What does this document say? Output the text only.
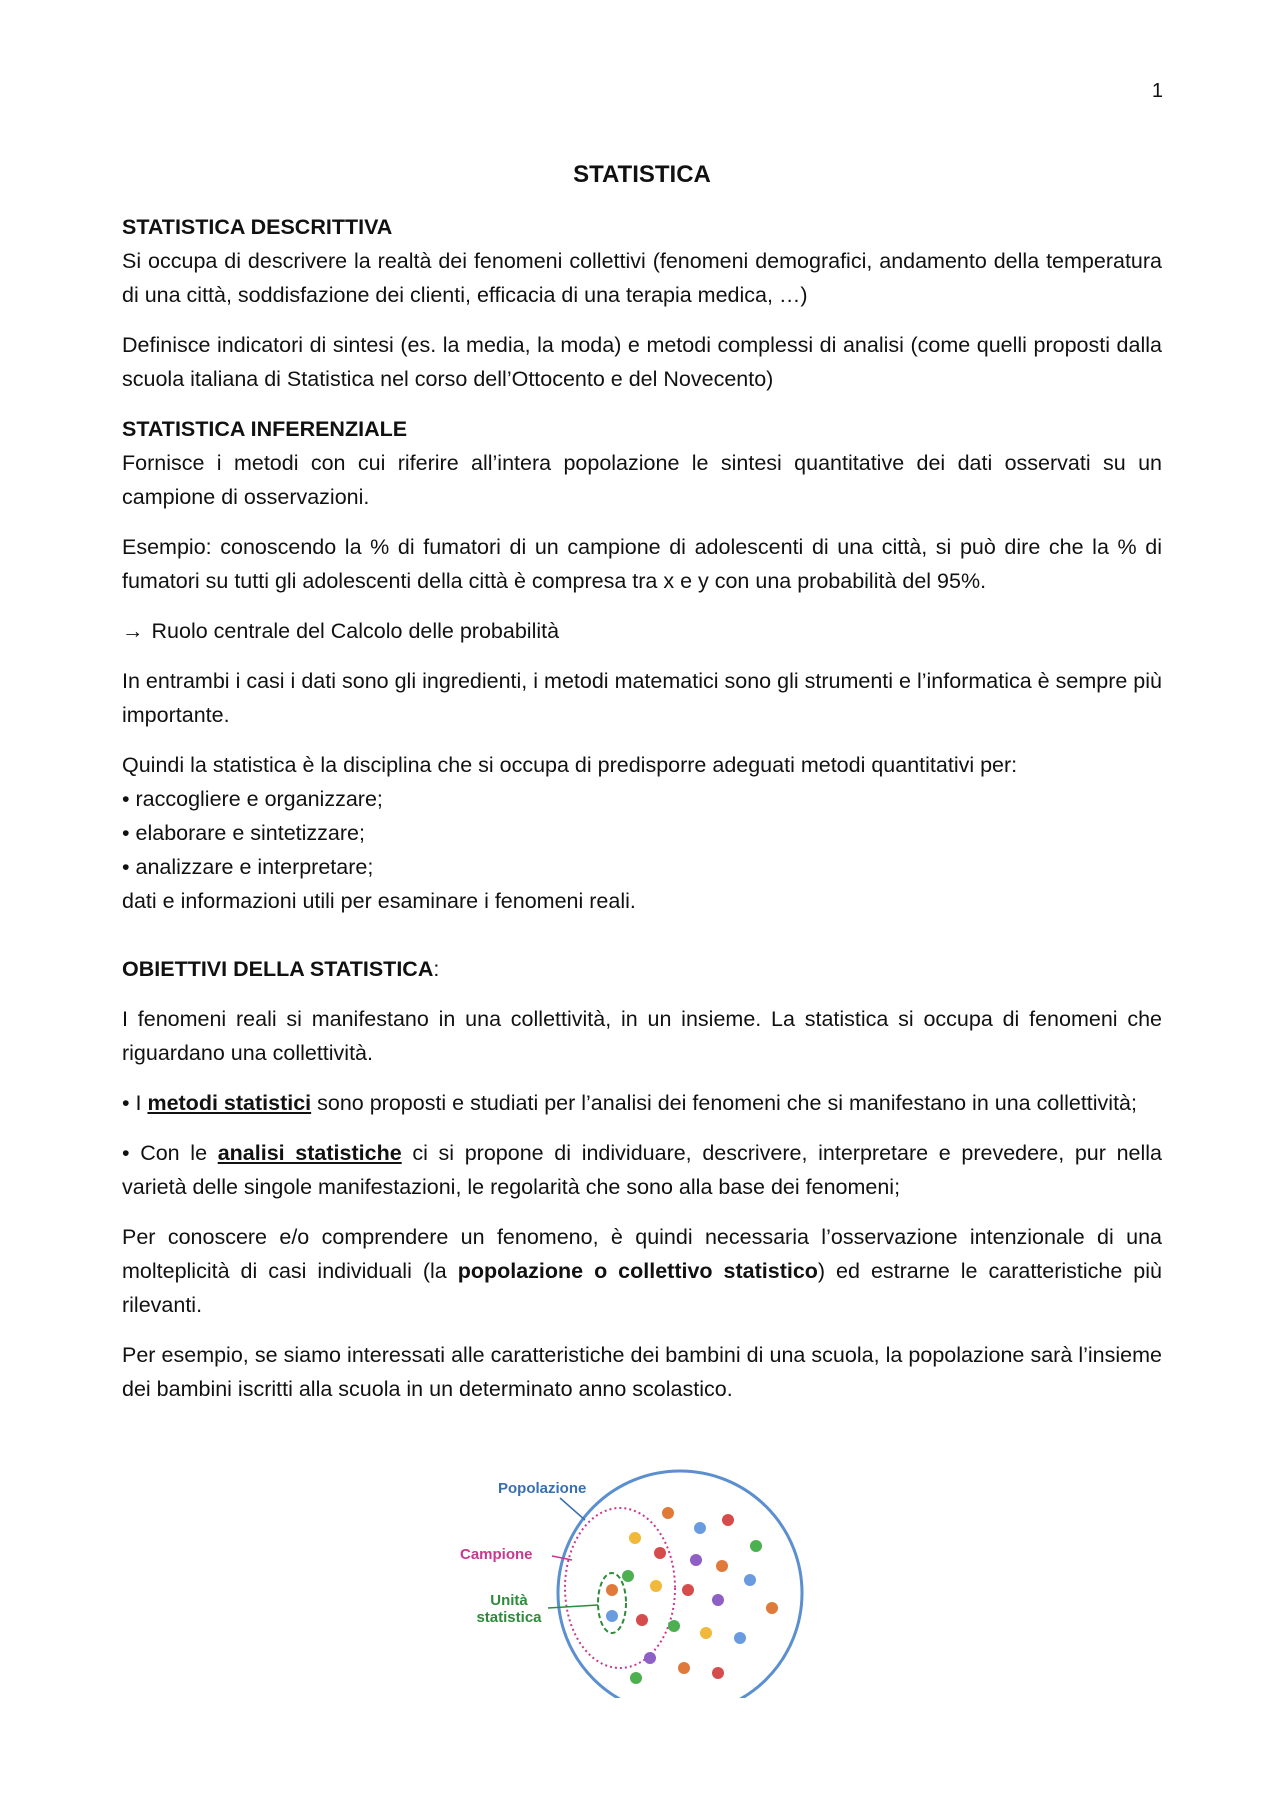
1
STATISTICA
STATISTICA DESCRITTIVA

Si occupa di descrivere la realtà dei fenomeni collettivi (fenomeni demografici, andamento della temperatura di una città, soddisfazione dei clienti, efficacia di una terapia medica, …)

Definisce indicatori di sintesi (es. la media, la moda) e metodi complessi di analisi (come quelli proposti dalla scuola italiana di Statistica nel corso dell’Ottocento e del Novecento)

STATISTICA INFERENZIALE

Fornisce i metodi con cui riferire all’intera popolazione le sintesi quantitative dei dati osservati su un campione di osservazioni.

Esempio: conoscendo la % di fumatori di un campione di adolescenti di una città, si può dire che la % di fumatori su tutti gli adolescenti della città è compresa tra x e y con una probabilità del 95%.

→ Ruolo centrale del Calcolo delle probabilità

In entrambi i casi i dati sono gli ingredienti, i metodi matematici sono gli strumenti e l’informatica è sempre più importante.

Quindi la statistica è la disciplina che si occupa di predisporre adeguati metodi quantitativi per:
• raccogliere e organizzare;
• elaborare e sintetizzare;
• analizzare e interpretare;
dati e informazioni utili per esaminare i fenomeni reali.

OBIETTIVI DELLA STATISTICA:

I fenomeni reali si manifestano in una collettività, in un insieme. La statistica si occupa di fenomeni che riguardano una collettività.

• I metodi statistici sono proposti e studiati per l’analisi dei fenomeni che si manifestano in una collettività;

• Con le analisi statistiche ci si propone di individuare, descrivere, interpretare e prevedere, pur nella varietà delle singole manifestazioni, le regolarità che sono alla base dei fenomeni;

Per conoscere e/o comprendere un fenomeno, è quindi necessaria l’osservazione intenzionale di una molteplicità di casi individuali (la popolazione o collettivo statistico) ed estrarne le caratteristiche più rilevanti.

Per esempio, se siamo interessati alle caratteristiche dei bambini di una scuola, la popolazione sarà l’insieme dei bambini iscritti alla scuola in un determinato anno scolastico.

Popolazione
Campione
Unità
statistica
